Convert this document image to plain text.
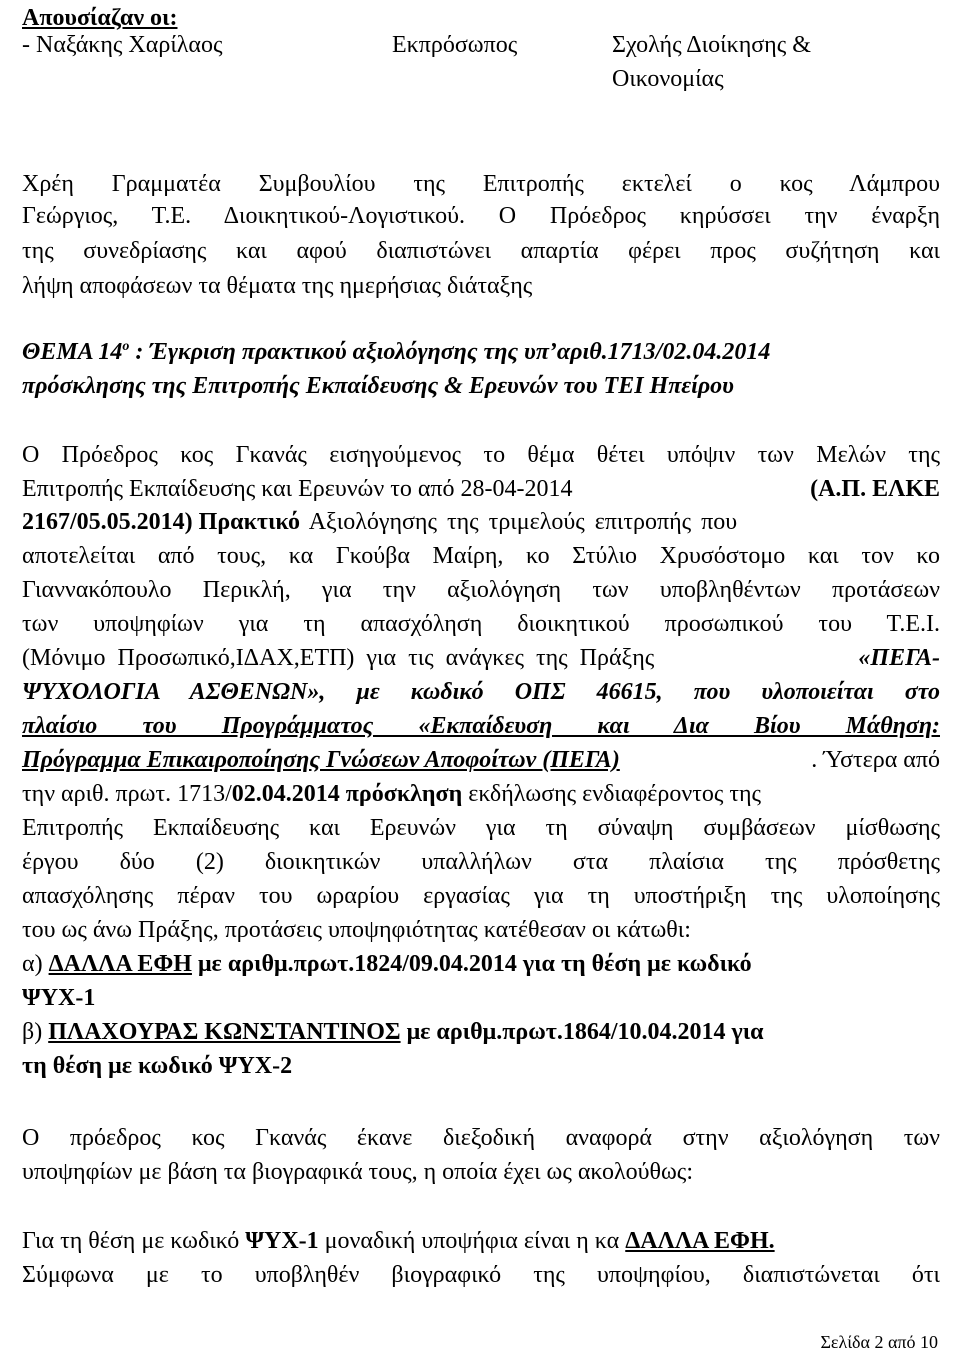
Απουσίαζαν οι:
- Ναξάκης Χαρίλαος	Εκπρόσωπος	Σχολής Διοίκησης &
Οικονομίας
Χρέη Γραμματέα Συμβουλίου της Επιτροπής εκτελεί ο κος Λάμπρου
Γεώργιος, Τ.Ε. Διοικητικού-Λογιστικού. Ο Πρόεδρος κηρύσσει την έναρξη
της συνεδρίασης και αφού διαπιστώνει απαρτία φέρει προς συζήτηση και
λήψη αποφάσεων τα θέματα της ημερήσιας διάταξης
ΘΕΜΑ $14^o$ : Έγκριση πρακτικού αξιολόγησης της υπ’αριθ.1713/02.04.2014
πρόσκλησης της Επιτροπής Εκπαίδευσης & Ερευνών του ΤΕΙ Ηπείρου
Ο Πρόεδρος κος Γκανάς εισηγούμενος το θέμα θέτει υπόψιν των Μελών της
Επιτροπής Εκπαίδευσης και Ερευνών το από 28-04-2014	(Α.Π. ΕΛΚΕ
2167/05.05.2014) Πρακτικό Αξιολόγησης της τριμελούς επιτροπής που
αποτελείται από τους, κα Γκούβα Μαίρη, κο Στύλιο Χρυσόστομο και τον κο
Γιαννακόπουλο Περικλή, για την αξιολόγηση των υποβληθέντων προτάσεων
των υποψηφίων για τη απασχόληση διοικητικού προσωπικού του Τ.Ε.Ι.
(Μόνιμο Προσωπικό,ΙΔΑΧ,ΕΤΠ) για τις ανάγκες της Πράξης	«ΠΕΓΑ-
ΨΥΧΟΛΟΓΙΑ ΑΣΘΕΝΩΝ», με κωδικό ΟΠΣ 46615, που υλοποιείται στο
πλαίσιο του Προγράμματος «Εκπαίδευση και Δια Βίου Μάθηση:
Πρόγραμμα Επικαιροποίησης Γνώσεων Αποφοίτων (ΠΕΓΑ)	. Ύστερα από
την αριθ. πρωτ. 1713/02.04.2014 πρόσκληση εκδήλωσης ενδιαφέροντος της
Επιτροπής Εκπαίδευσης και Ερευνών για τη σύναψη συμβάσεων μίσθωσης
έργου δύο (2) διοικητικών υπαλλήλων στα πλαίσια της πρόσθετης
απασχόλησης πέραν του ωραρίου εργασίας για τη υποστήριξη της υλοποίησης
του ως άνω Πράξης, προτάσεις υποψηφιότητας κατέθεσαν οι κάτωθι:
α) ΔΑΛΛΑ ΕΦΗ με αριθμ.πρωτ.1824/09.04.2014 για τη θέση με κωδικό
ΨΥΧ-1
β) ΠΛΑΧΟΥΡΑΣ ΚΩΝΣΤΑΝΤΙΝΟΣ με αριθμ.πρωτ.1864/10.04.2014 για
τη θέση με κωδικό ΨΥΧ-2
Ο πρόεδρος κος Γκανάς έκανε διεξοδική αναφορά στην αξιολόγηση των
υποψηφίων με βάση τα βιογραφικά τους, η οποία έχει ως ακολούθως:
Για τη θέση με κωδικό ΨΥΧ-1 μοναδική υποψήφια είναι η κα ΔΑΛΛΑ ΕΦΗ.
Σύμφωνα με το υποβληθέν βιογραφικό της υποψηφίου, διαπιστώνεται ότι
Σελίδα 2 από 10
